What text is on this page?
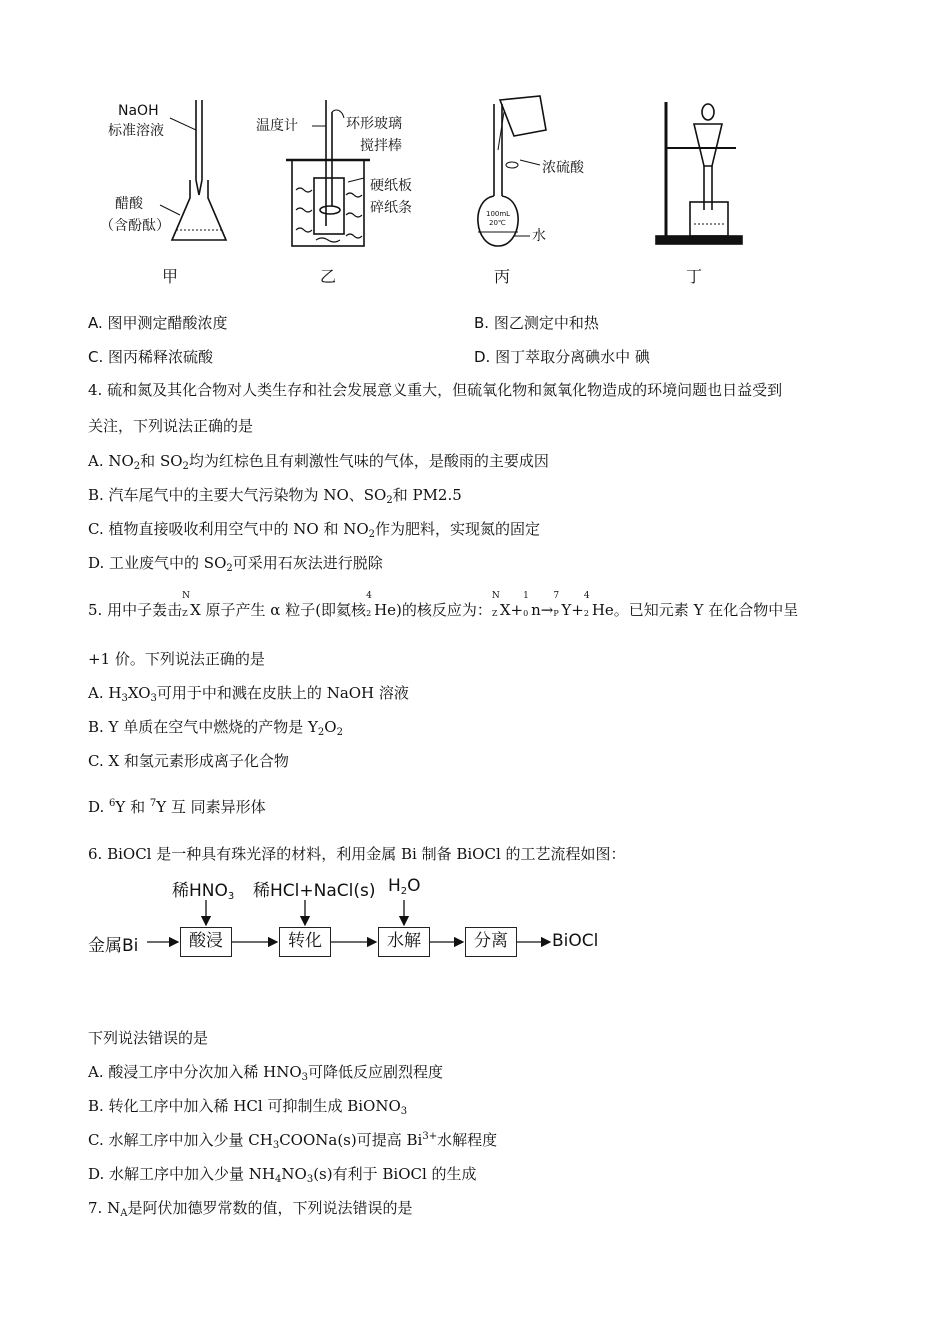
NaOH
标准溶液
醋酸
（含酚酞）
温度计	环形玻璃
搅拌棒
硬纸板
碎纸条	100mL
20℃
浓硫酸
水
甲	乙	丙	丁
A. 图甲测定醋酸浓度	B. 图乙测定中和热
C. 图丙稀释浓硫酸	D. 图丁萃取分离碘水中 碘
4. 硫和氮及其化合物对人类生存和社会发展意义重大，但硫氧化物和氮氧化物造成的环境问题也日益受到
关注，下列说法正确的是
A. $NO_2$和 $SO_2$均为红棕色且有刺激性气味的气体，是酸雨的主要成因
B. 汽车尾气中的主要大气污染物为 NO、$SO_2$和 PM2.5
C. 植物直接吸收利用空气中的 NO 和 $NO_2$作为肥料，实现氮的固定
D. 工业废气中的 $SO_2$可采用石灰法进行脱除
5. 用中子轰击
N
Z X 原子产生 α 粒子(即氦核
4
2 He)的核反应为：
N
Z X+
1
0 n→
7
P Y+
4
2 He。已知元素 Y 在化合物中呈
+1 价。下列说法正确的是
A. $H_3XO_3$可用于中和溅在皮肤上的 NaOH 溶液
B. Y 单质在空气中燃烧的产物是 $Y_2O_2$
C. X 和氢元素形成离子化合物
D. $^6$Y 和 $^7$Y 互 同素异形体
6. BiOCl 是一种具有珠光泽的材料，利用金属 Bi 制备 BiOCl 的工艺流程如图：
稀$HNO_3$ 稀HCl+NaCl(s) $H_2O$
金属Bi	酸浸	转化	水解	分离	BiOCl
下列说法错误的是
A. 酸浸工序中分次加入稀 $HNO_3$可降低反应剧烈程度
B. 转化工序中加入稀 HCl 可抑制生成 BiONO$_3$
C. 水解工序中加入少量 $CH_3COONa(s)$可提高 $Bi^{3+}$水解程度
D. 水解工序中加入少量 $NH_4NO_3(s)$有利于 BiOCl 的生成
7. $N_A$是阿伏加德罗常数的值，下列说法错误的是
